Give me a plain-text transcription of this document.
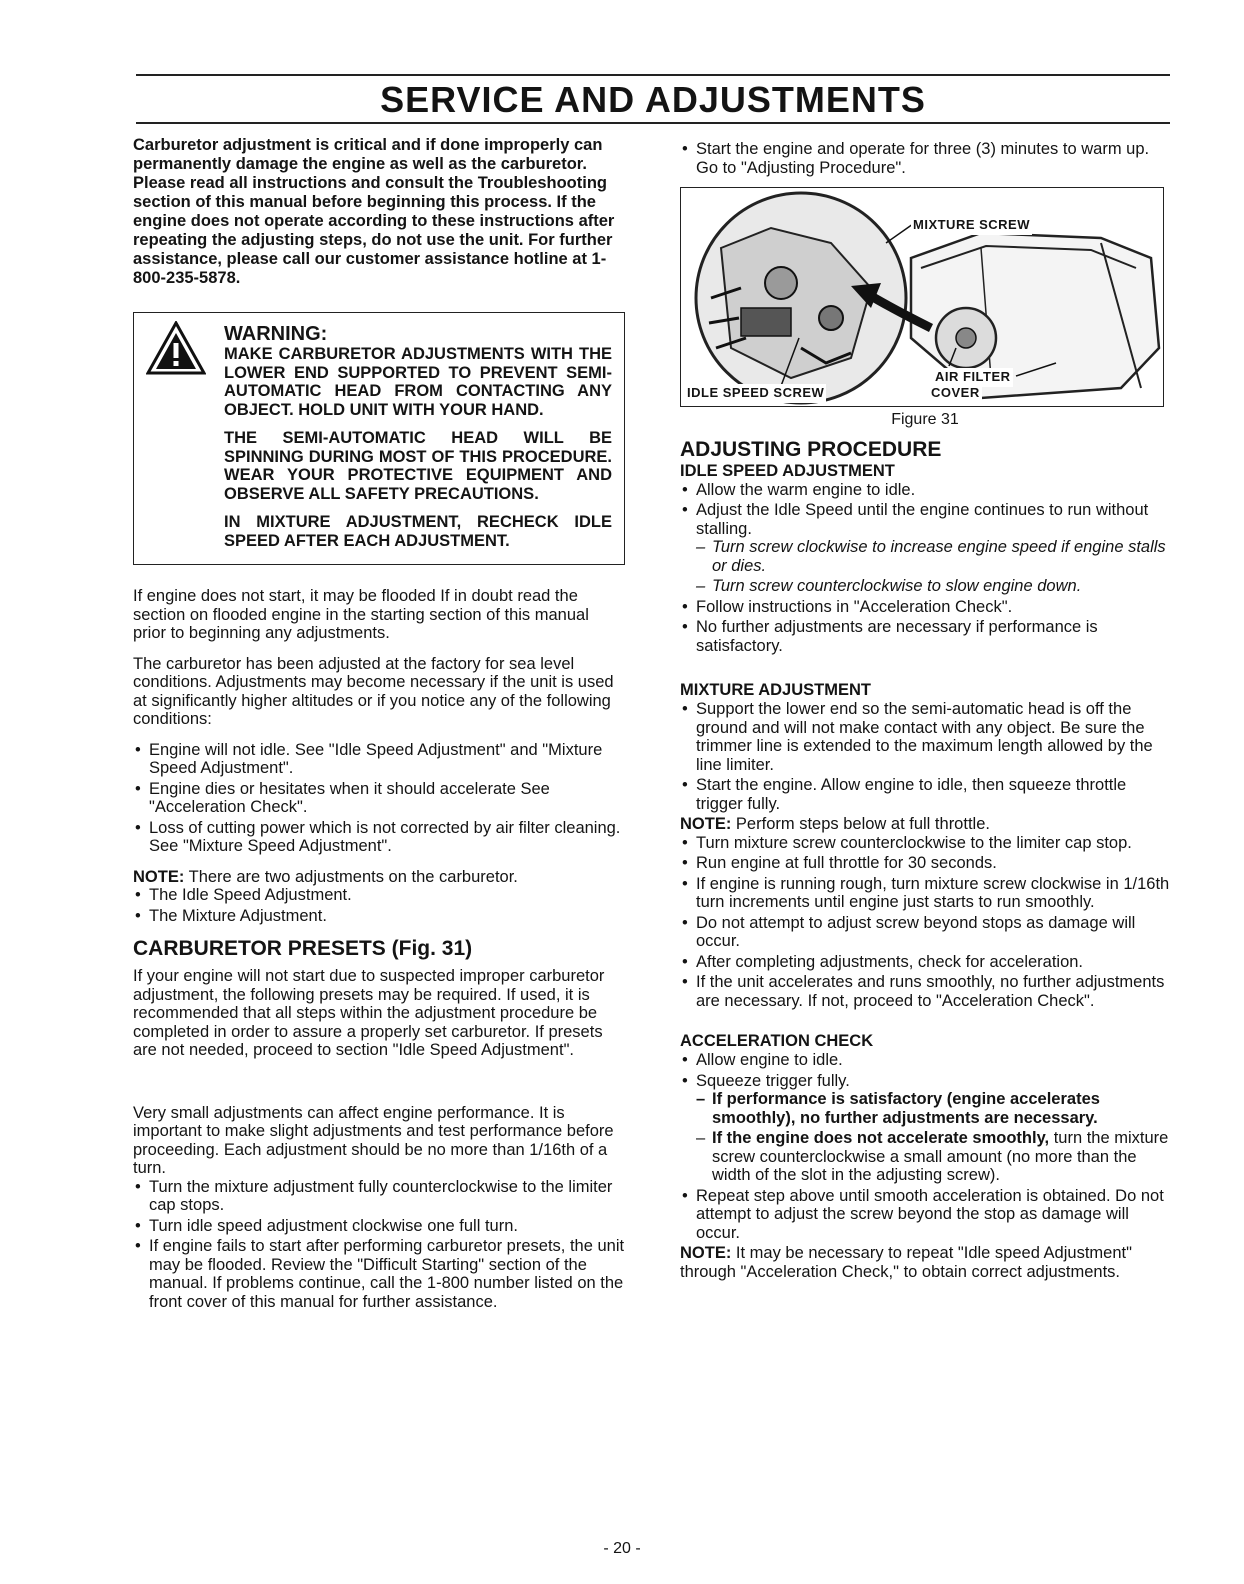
SERVICE AND ADJUSTMENTS

Carburetor adjustment is critical and if done improperly can permanently damage the engine as well as the carburetor. Please read all instructions and consult the Troubleshooting section of this manual before beginning this process. If the engine does not operate according to these instructions after repeating the adjusting steps, do not use the unit. For further assistance, please call our customer assistance hotline at 1-800-235-5878.

WARNING:

MAKE CARBURETOR ADJUSTMENTS WITH THE LOWER END SUPPORTED TO PREVENT SEMI-AUTOMATIC HEAD FROM CONTACTING ANY OBJECT. HOLD UNIT WITH YOUR HAND.

THE SEMI-AUTOMATIC HEAD WILL BE SPINNING DURING MOST OF THIS PROCEDURE. WEAR YOUR PROTECTIVE EQUIPMENT AND OBSERVE ALL SAFETY PRECAUTIONS.

IN MIXTURE ADJUSTMENT, RECHECK IDLE SPEED AFTER EACH ADJUSTMENT.

If engine does not start, it may be flooded If in doubt read the section on flooded engine in the starting section of this manual prior to beginning any adjustments.

The carburetor has been adjusted at the factory for sea level conditions. Adjustments may become necessary if the unit is used at significantly higher altitudes or if you notice any of the following conditions:

• Engine will not idle. See "Idle Speed Adjustment" and "Mixture Speed Adjustment".
• Engine dies or hesitates when it should accelerate See "Acceleration Check".
• Loss of cutting power which is not corrected by air filter cleaning. See "Mixture Speed Adjustment".

NOTE: There are two adjustments on the carburetor.

• The Idle Speed Adjustment.
• The Mixture Adjustment.
CARBURETOR PRESETS (Fig. 31)

If your engine will not start due to suspected improper carburetor adjustment, the following presets may be required. If used, it is recommended that all steps within the adjustment procedure be completed in order to assure a properly set carburetor. If presets are not needed, proceed to section "Idle Speed Adjustment".

Very small adjustments can affect engine performance. It is important to make slight adjustments and test performance before proceeding. Each adjustment should be no more than 1/16th of a turn.

• Turn the mixture adjustment fully counterclockwise to the limiter cap stops.
• Turn idle speed adjustment clockwise one full turn.
• If engine fails to start after performing carburetor presets, the unit may be flooded. Review the "Difficult Starting" section of the manual. If problems continue, call the 1-800 number listed on the front cover of this manual for further assistance.
• Start the engine and operate for three (3) minutes to warm up. Go to "Adjusting Procedure".
MIXTURE SCREW
IDLE SPEED SCREW
AIR FILTER
COVER
Figure 31
ADJUSTING PROCEDURE
IDLE SPEED ADJUSTMENT
• Allow the warm engine to idle.
• Adjust the Idle Speed until the engine continues to run without stalling.
– Turn screw clockwise to increase engine speed if engine stalls or dies.
– Turn screw counterclockwise to slow engine down.
• Follow instructions in "Acceleration Check".
• No further adjustments are necessary if performance is satisfactory.
MIXTURE ADJUSTMENT
• Support the lower end so the semi-automatic head is off the ground and will not make contact with any object. Be sure the trimmer line is extended to the maximum length allowed by the line limiter.
• Start the engine. Allow engine to idle, then squeeze throttle trigger fully.

NOTE: Perform steps below at full throttle.

• Turn mixture screw counterclockwise to the limiter cap stop.
• Run engine at full throttle for 30 seconds.
• If engine is running rough, turn mixture screw clockwise in 1/16th turn increments until engine just starts to run smoothly.
• Do not attempt to adjust screw beyond stops as damage will occur.
• After completing adjustments, check for acceleration.
• If the unit accelerates and runs smoothly, no further adjustments are necessary. If not, proceed to "Acceleration Check".
ACCELERATION CHECK
• Allow engine to idle.
• Squeeze trigger fully.
– If performance is satisfactory (engine accelerates smoothly), no further adjustments are necessary.
– If the engine does not accelerate smoothly, turn the mixture screw counterclockwise a small amount (no more than the width of the slot in the adjusting screw).
• Repeat step above until smooth acceleration is obtained. Do not attempt to adjust the screw beyond the stop as damage will occur.

NOTE: It may be necessary to repeat "Idle speed Adjustment" through "Acceleration Check," to obtain correct adjustments.

- 20 -
